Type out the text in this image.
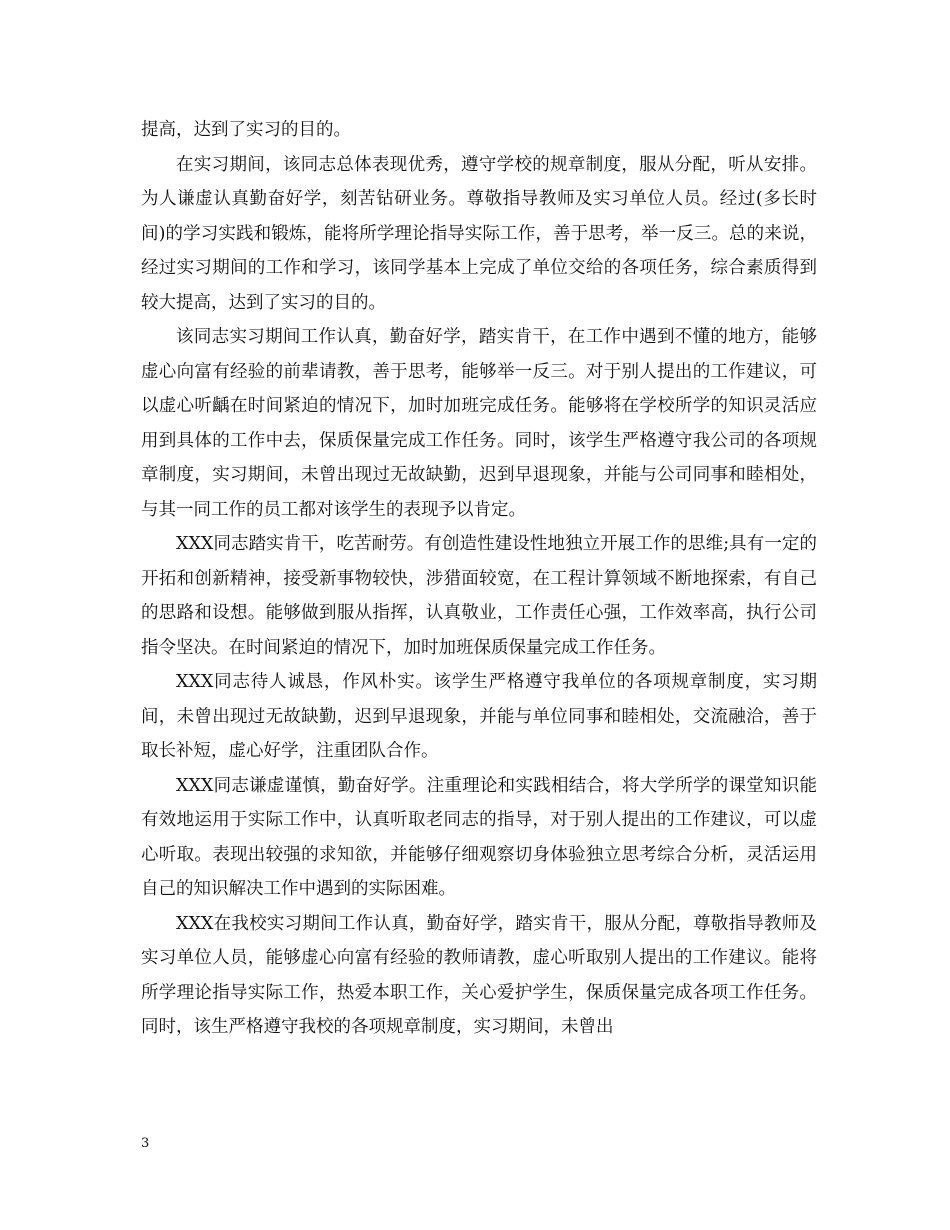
提高，达到了实习的目的。

在实习期间，该同志总体表现优秀，遵守学校的规章制度，服从分配，听从安排。为人谦虚认真勤奋好学，刻苦钻研业务。尊敬指导教师及实习单位人员。经过(多长时间)的学习实践和锻炼，能将所学理论指导实际工作，善于思考，举一反三。总的来说，经过实习期间的工作和学习，该同学基本上完成了单位交给的各项任务，综合素质得到较大提高，达到了实习的目的。

该同志实习期间工作认真，勤奋好学，踏实肯干，在工作中遇到不懂的地方，能够虚心向富有经验的前辈请教，善于思考，能够举一反三。对于别人提出的工作建议，可以虚心听齲在时间紧迫的情况下，加时加班完成任务。能够将在学校所学的知识灵活应用到具体的工作中去，保质保量完成工作任务。同时，该学生严格遵守我公司的各项规章制度，实习期间，未曾出现过无故缺勤，迟到早退现象，并能与公司同事和睦相处，与其一同工作的员工都对该学生的表现予以肯定。

XXX同志踏实肯干，吃苦耐劳。有创造性建设性地独立开展工作的思维;具有一定的开拓和创新精神，接受新事物较快，涉猎面较宽，在工程计算领域不断地探索，有自己的思路和设想。能够做到服从指挥，认真敬业，工作责任心强，工作效率高，执行公司指令坚决。在时间紧迫的情况下，加时加班保质保量完成工作任务。

XXX同志待人诚恳，作风朴实。该学生严格遵守我单位的各项规章制度，实习期间，未曾出现过无故缺勤，迟到早退现象，并能与单位同事和睦相处，交流融洽，善于取长补短，虚心好学，注重团队合作。

XXX同志谦虚谨慎，勤奋好学。注重理论和实践相结合，将大学所学的课堂知识能有效地运用于实际工作中，认真听取老同志的指导，对于别人提出的工作建议，可以虚心听取。表现出较强的求知欲，并能够仔细观察切身体验独立思考综合分析，灵活运用自己的知识解决工作中遇到的实际困难。

XXX在我校实习期间工作认真，勤奋好学，踏实肯干，服从分配，尊敬指导教师及实习单位人员，能够虚心向富有经验的教师请教，虚心听取别人提出的工作建议。能将所学理论指导实际工作，热爱本职工作，关心爱护学生，保质保量完成各项工作任务。同时，该生严格遵守我校的各项规章制度，实习期间，未曾出

3
